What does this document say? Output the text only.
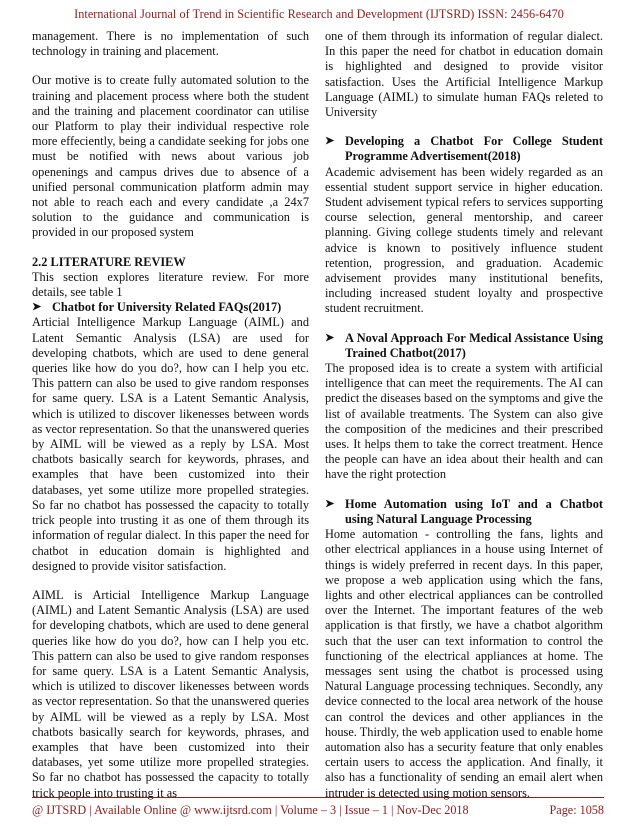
International Journal of Trend in Scientific Research and Development (IJTSRD) ISSN: 2456-6470

management. There is no implementation of such technology in training and placement.

Our motive is to create fully automated solution to the training and placement process where both the student and the training and placement coordinator can utilise our Platform to play their individual respective role more effeciently, being a candidate seeking for jobs one must be notified with news about various job openenings and campus drives due to absence of a unified personal communication platform admin may not able to reach each and every candidate ,a 24x7 solution to the guidance and communication is provided in our proposed system

2.2 LITERATURE REVIEW

This section explores literature review. For more details, see table 1

➤ Chatbot for University Related FAQs(2017)

Articial Intelligence Markup Language (AIML) and Latent Semantic Analysis (LSA) are used for developing chatbots, which are used to dene general queries like how do you do?, how can I help you etc. This pattern can also be used to give random responses for same query. LSA is a Latent Semantic Analysis, which is utilized to discover likenesses between words as vector representation. So that the unanswered queries by AIML will be viewed as a reply by LSA. Most chatbots basically search for keywords, phrases, and examples that have been customized into their databases, yet some utilize more propelled strategies. So far no chatbot has possessed the capacity to totally trick people into trusting it as one of them through its information of regular dialect. In this paper the need for chatbot in education domain is highlighted and designed to provide visitor satisfaction.

AIML is Articial Intelligence Markup Language (AIML) and Latent Semantic Analysis (LSA) are used for developing chatbots, which are used to dene general queries like how do you do?, how can I help you etc. This pattern can also be used to give random responses for same query. LSA is a Latent Semantic Analysis, which is utilized to discover likenesses between words as vector representation. So that the unanswered queries by AIML will be viewed as a reply by LSA. Most chatbots basically search for keywords, phrases, and examples that have been customized into their databases, yet some utilize more propelled strategies. So far no chatbot has possessed the capacity to totally trick people into trusting it as

one of them through its information of regular dialect. In this paper the need for chatbot in education domain is highlighted and designed to provide visitor satisfaction. Uses the Artificial Intelligence Markup Language (AIML) to simulate human FAQs releted to University

➤ Developing a Chatbot For College Student Programme Advertisement(2018)

Academic advisement has been widely regarded as an essential student support service in higher education. Student advisement typical refers to services supporting course selection, general mentorship, and career planning. Giving college students timely and relevant advice is known to positively influence student retention, progression, and graduation. Academic advisement provides many institutional benefits, including increased student loyalty and prospective student recruitment.

➤ A Noval Approach For Medical Assistance Using Trained Chatbot(2017)

The proposed idea is to create a system with artificial intelligence that can meet the requirements. The AI can predict the diseases based on the symptoms and give the list of available treatments. The System can also give the composition of the medicines and their prescribed uses. It helps them to take the correct treatment. Hence the people can have an idea about their health and can have the right protection

➤ Home Automation using IoT and a Chatbot using Natural Language Processing

Home automation - controlling the fans, lights and other electrical appliances in a house using Internet of things is widely preferred in recent days. In this paper, we propose a web application using which the fans, lights and other electrical appliances can be controlled over the Internet. The important features of the web application is that firstly, we have a chatbot algorithm such that the user can text information to control the functioning of the electrical appliances at home. The messages sent using the chatbot is processed using Natural Language processing techniques. Secondly, any device connected to the local area network of the house can control the devices and other appliances in the house. Thirdly, the web application used to enable home automation also has a security feature that only enables certain users to access the application. And finally, it also has a functionality of sending an email alert when intruder is detected using motion sensors.

@ IJTSRD | Available Online @ www.ijtsrd.com | Volume – 3 | Issue – 1 | Nov-Dec 2018	Page: 1058
